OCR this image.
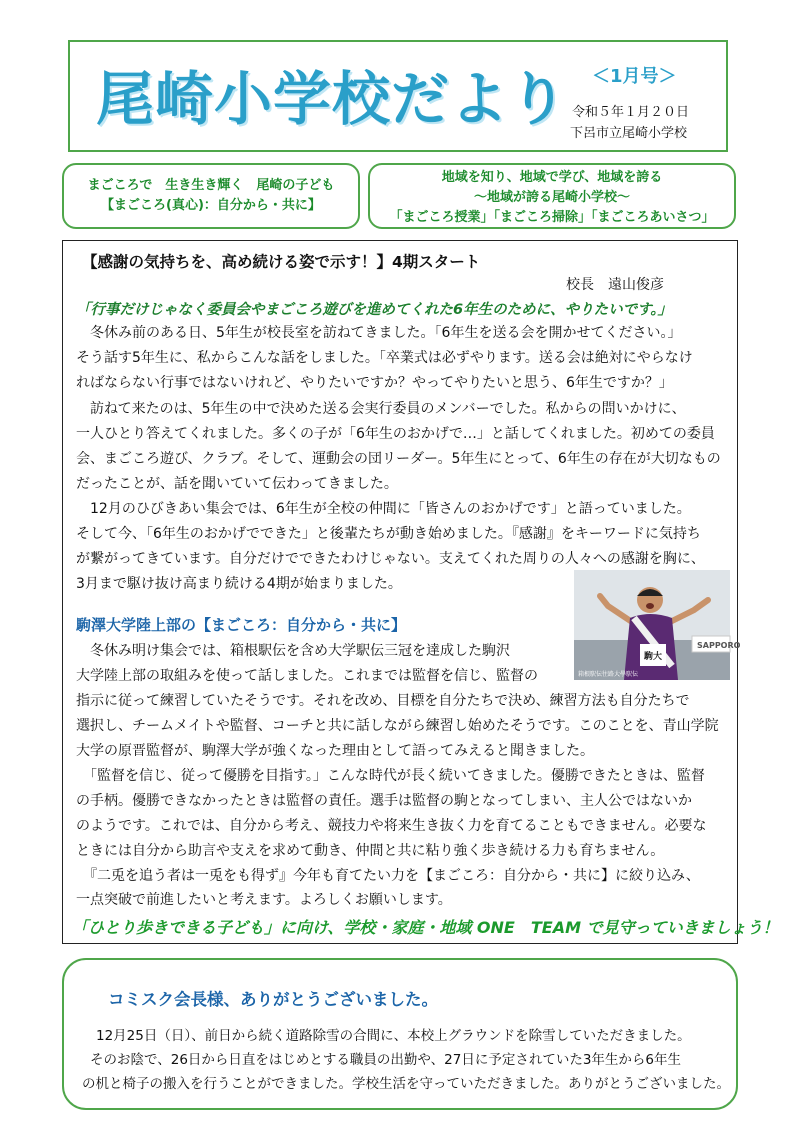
尾崎小学校だより ＜1月号＞
令和５年１月２０日
下呂市立尾崎小学校
まごころで　生き生き輝く　尾崎の子ども
【まごころ(真心)：自分から・共に】
地域を知り、地域で学び、地域を誇る
～地域が誇る尾崎小学校～
「まごころ授業」「まごころ掃除」「まごころあいさつ」
【感謝の気持ちを、高め続ける姿で示す！】4期スタート
校長　遠山俊彦
「行事だけじゃなく委員会やまごころ遊びを進めてくれた6年生のために、やりたいです。」
　冬休み前のある日、5年生が校長室を訪ねてきました。「6年生を送る会を開かせてください。」
そう話す5年生に、私からこんな話をしました。「卒業式は必ずやります。送る会は絶対にやらなけ
ればならない行事ではないけれど、やりたいですか？やってやりたいと思う、6年生ですか？」
　訪ねて来たのは、5年生の中で決めた送る会実行委員のメンバーでした。私からの問いかけに、
一人ひとり答えてくれました。多くの子が「6年生のおかげで…」と話してくれました。初めての委員
会、まごころ遊び、クラブ。そして、運動会の団リーダー。5年生にとって、6年生の存在が大切なもの
だったことが、話を聞いていて伝わってきました。
　12月のひびきあい集会では、6年生が全校の仲間に「皆さんのおかげです」と語っていました。
そして今、「6年生のおかげでできた」と後輩たちが動き始めました。『感謝』をキーワードに気持ち
が繋がってきています。自分だけでできたわけじゃない。支えてくれた周りの人々への感謝を胸に、
3月まで駆け抜け高まり続ける4期が始まりました。
SAPPORO
駒大
箱根駅伝往路大學駅伝
駒澤大学陸上部の【まごころ：自分から・共に】
　冬休み明け集会では、箱根駅伝を含め大学駅伝三冠を達成した駒沢
大学陸上部の取組みを使って話しました。これまでは監督を信じ、監督の
指示に従って練習していたそうです。それを改め、目標を自分たちで決め、練習方法も自分たちで
選択し、チームメイトや監督、コーチと共に話しながら練習し始めたそうです。このことを、青山学院
大学の原晋監督が、駒澤大学が強くなった理由として語ってみえると聞きました。
　「監督を信じ、従って優勝を目指す。」こんな時代が長く続いてきました。優勝できたときは、監督
の手柄。優勝できなかったときは監督の責任。選手は監督の駒となってしまい、主人公ではないか
のようです。これでは、自分から考え、競技力や将来生き抜く力を育てることもできません。必要な
ときには自分から助言や支えを求めて動き、仲間と共に粘り強く歩き続ける力も育ちません。
　『二兎を追う者は一兎をも得ず』今年も育てたい力を【まごころ：自分から・共に】に絞り込み、
一点突破で前進したいと考えます。よろしくお願いします。
「ひとり歩きできる子ども」に向け、学校・家庭・地域 ONE　TEAM で見守っていきましょう！
コミスク会長様、ありがとうございました。
12月25日（日）、前日から続く道路除雪の合間に、本校上グラウンドを除雪していただきました。
そのお陰で、26日から日直をはじめとする職員の出勤や、27日に予定されていた3年生から6年生
の机と椅子の搬入を行うことができました。学校生活を守っていただきました。ありがとうございました。
